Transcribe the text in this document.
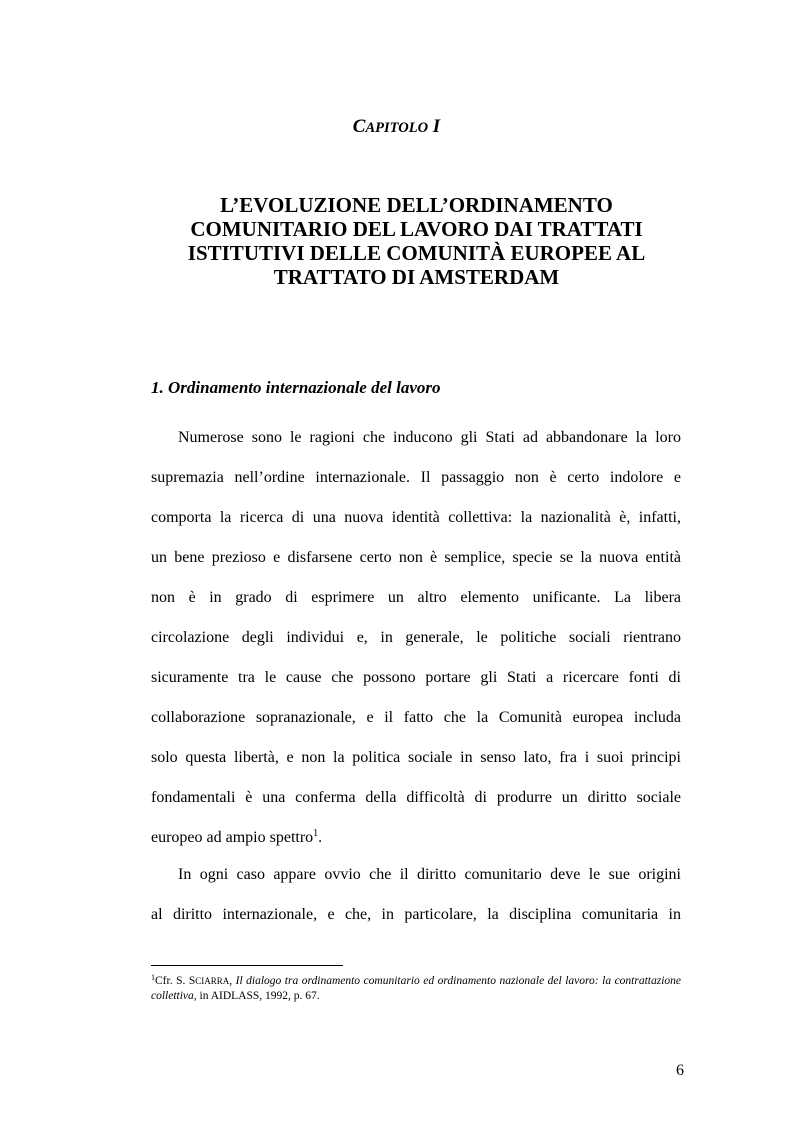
CAPITOLO I
L’EVOLUZIONE DELL’ORDINAMENTO
COMUNITARIO DEL LAVORO DAI TRATTATI
ISTITUTIVI DELLE COMUNITÀ EUROPEE AL
TRATTATO DI AMSTERDAM
1. Ordinamento internazionale del lavoro
Numerose sono le ragioni che inducono gli Stati ad abbandonare la loro
supremazia nell’ordine internazionale. Il passaggio non è certo indolore e
comporta la ricerca di una nuova identità collettiva: la nazionalità è, infatti,
un bene prezioso e disfarsene certo non è semplice, specie se la nuova entità
non è in grado di esprimere un altro elemento unificante. La libera
circolazione degli individui e, in generale, le politiche sociali rientrano
sicuramente tra le cause che possono portare gli Stati a ricercare fonti di
collaborazione sopranazionale, e il fatto che la Comunità europea includa
solo questa libertà, e non la politica sociale in senso lato, fra i suoi principi
fondamentali è una conferma della difficoltà di produrre un diritto sociale
europeo ad ampio spettro$^1$.
In ogni caso appare ovvio che il diritto comunitario deve le sue origini
al diritto internazionale, e che, in particolare, la disciplina comunitaria in

$^1$Cfr. S. SCIARRA, Il dialogo tra ordinamento comunitario ed ordinamento nazionale del lavoro: la contrattazione collettiva, in AIDLASS, 1992, p. 67.

6
